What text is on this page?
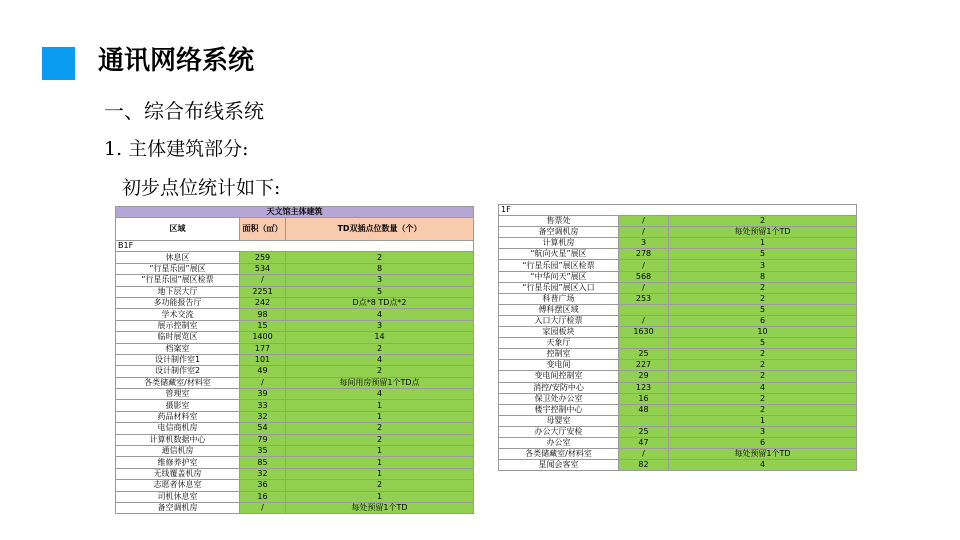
通讯网络系统
一、综合布线系统
1. 主体建筑部分:
初步点位统计如下:
天文馆主体建筑		
区域	面积（㎡）	TD双插点位数量（个）
B1F		
休息区	259	2
“行星乐园”展区	534	8
“行星乐园”展区检票	/	3
地下层大厅	2251	5
多功能报告厅	242	D点*8 TD点*2
学术交流	98	4
展示控制室	15	3
临时展览区	1400	14
档案室	177	2
设计制作室1	101	4
设计制作室2	49	2
各类储藏室/材料室	/	每间用房预留1个TD点
管理室	39	4
摄影室	33	1
药品材料室	32	1
电信商机房	54	2
计算机数据中心	79	2
通信机房	35	1
维修养护室	85	1
无线覆盖机房	32	1
志愿者休息室	36	2
司机休息室	16	1
备空调机房	/	每处预留1个TD
1F		
售票处	/	2
备空调机房	/	每处预留1个TD
计算机房	3	1
“航向火星”展区	278	5
“行星乐园”展区检票	/	3
“中华问天”展区	568	8
“行星乐园”展区入口	/	2
科普广场	253	2
傅科摆区域		5
入口大厅检票	/	6
家园板块	1630	10
天象厅		5
控制室	25	2
变电间	227	2
变电间控制室	29	2
消控/安防中心	123	4
保卫处办公室	16	2
楼宇控制中心	48	2
母婴室		1
办公大厅安检	25	3
办公室	47	6
各类储藏室/材料室	/	每处预留1个TD
星闻会客室	82	4
